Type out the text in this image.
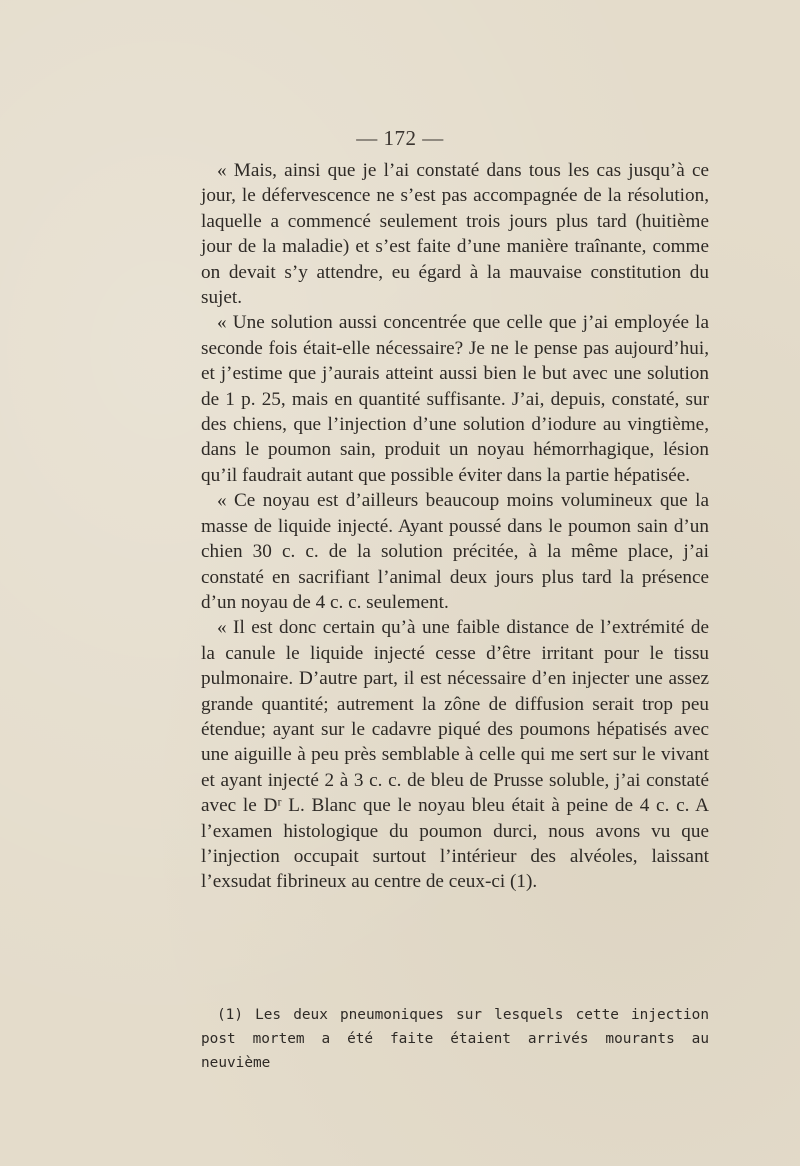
— 172 —

« Mais, ainsi que je l’ai constaté dans tous les cas jusqu’à ce jour, le défervescence ne s’est pas accompagnée de la résolution, laquelle a commencé seulement trois jours plus tard (huitième jour de la maladie) et s’est faite d’une manière traînante, comme on devait s’y attendre, eu égard à la mauvaise constitution du sujet.

« Une solution aussi concentrée que celle que j’ai employée la seconde fois était-elle nécessaire? Je ne le pense pas aujourd’hui, et j’estime que j’aurais atteint aussi bien le but avec une solution de 1 p. 25, mais en quantité suffisante. J’ai, depuis, constaté, sur des chiens, que l’injection d’une solution d’iodure au vingtième, dans le poumon sain, produit un noyau hémorrhagique, lésion qu’il faudrait autant que possible éviter dans la partie hépatisée.

« Ce noyau est d’ailleurs beaucoup moins volumineux que la masse de liquide injecté. Ayant poussé dans le poumon sain d’un chien 30 c. c. de la solution précitée, à la même place, j’ai constaté en sacrifiant l’animal deux jours plus tard la présence d’un noyau de 4 c. c. seulement.

« Il est donc certain qu’à une faible distance de l’extrémité de la canule le liquide injecté cesse d’être irritant pour le tissu pulmonaire. D’autre part, il est nécessaire d’en injecter une assez grande quantité; autrement la zône de diffusion serait trop peu étendue; ayant sur le cadavre piqué des poumons hépatisés avec une aiguille à peu près semblable à celle qui me sert sur le vivant et ayant injecté 2 à 3 c. c. de bleu de Prusse soluble, j’ai constaté avec le Dʳ L. Blanc que le noyau bleu était à peine de 4 c. c. A l’examen histologique du poumon durci, nous avons vu que l’injection occupait surtout l’intérieur des alvéoles, laissant l’exsudat fibrineux au centre de ceux-ci (1).

(1) Les deux pneumoniques sur lesquels cette injection post mortem a été faite étaient arrivés mourants au neuvième
